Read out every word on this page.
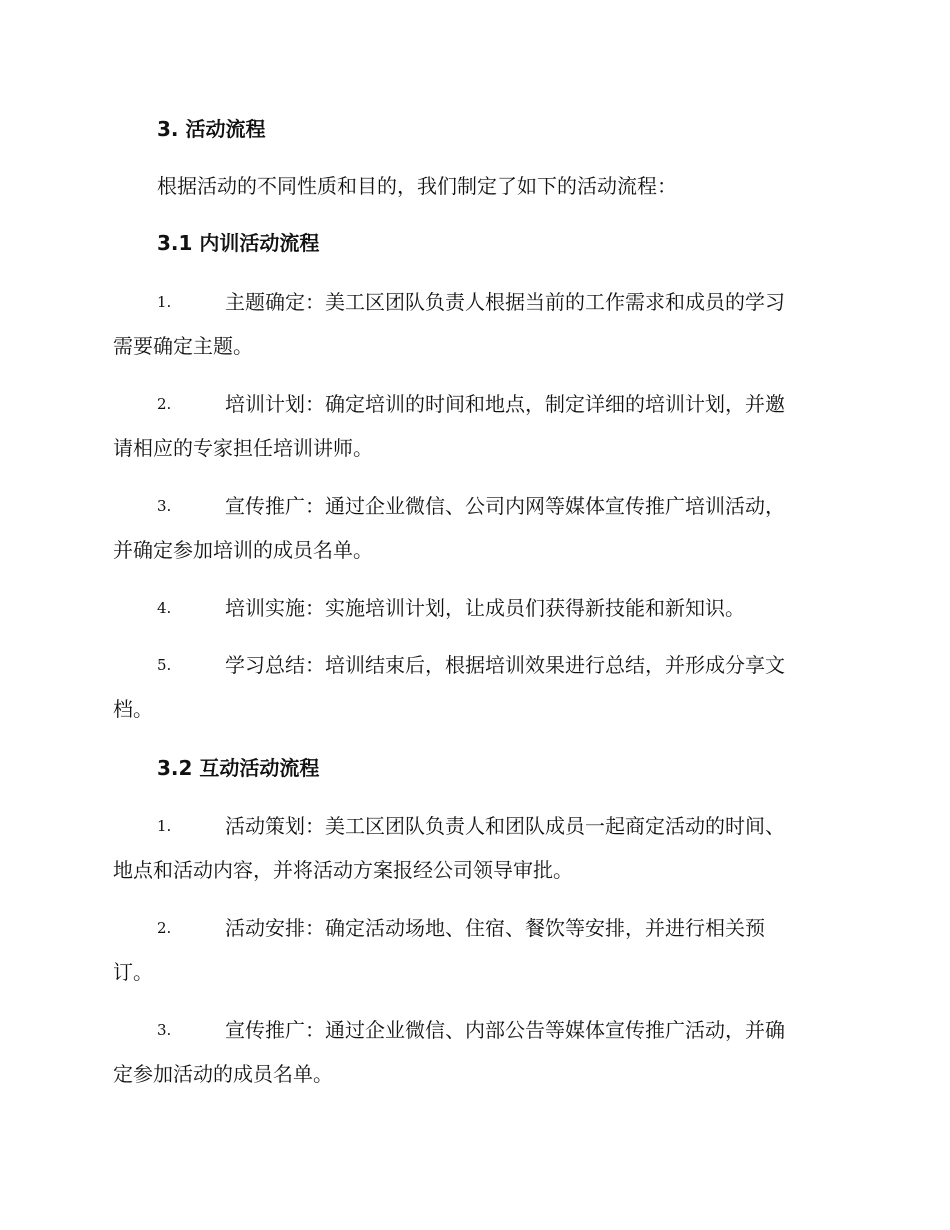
3. 活动流程
根据活动的不同性质和目的，我们制定了如下的活动流程：
3.1 内训活动流程
1.	主题确定：美工区团队负责人根据当前的工作需求和成员的学习
需要确定主题。
2.	培训计划：确定培训的时间和地点，制定详细的培训计划，并邀
请相应的专家担任培训讲师。
3.	宣传推广：通过企业微信、公司内网等媒体宣传推广培训活动，
并确定参加培训的成员名单。
4.	培训实施：实施培训计划，让成员们获得新技能和新知识。
5.	学习总结：培训结束后，根据培训效果进行总结，并形成分享文
档。
3.2 互动活动流程
1.	活动策划：美工区团队负责人和团队成员一起商定活动的时间、
地点和活动内容，并将活动方案报经公司领导审批。
2.	活动安排：确定活动场地、住宿、餐饮等安排，并进行相关预
订。
3.	宣传推广：通过企业微信、内部公告等媒体宣传推广活动，并确
定参加活动的成员名单。
